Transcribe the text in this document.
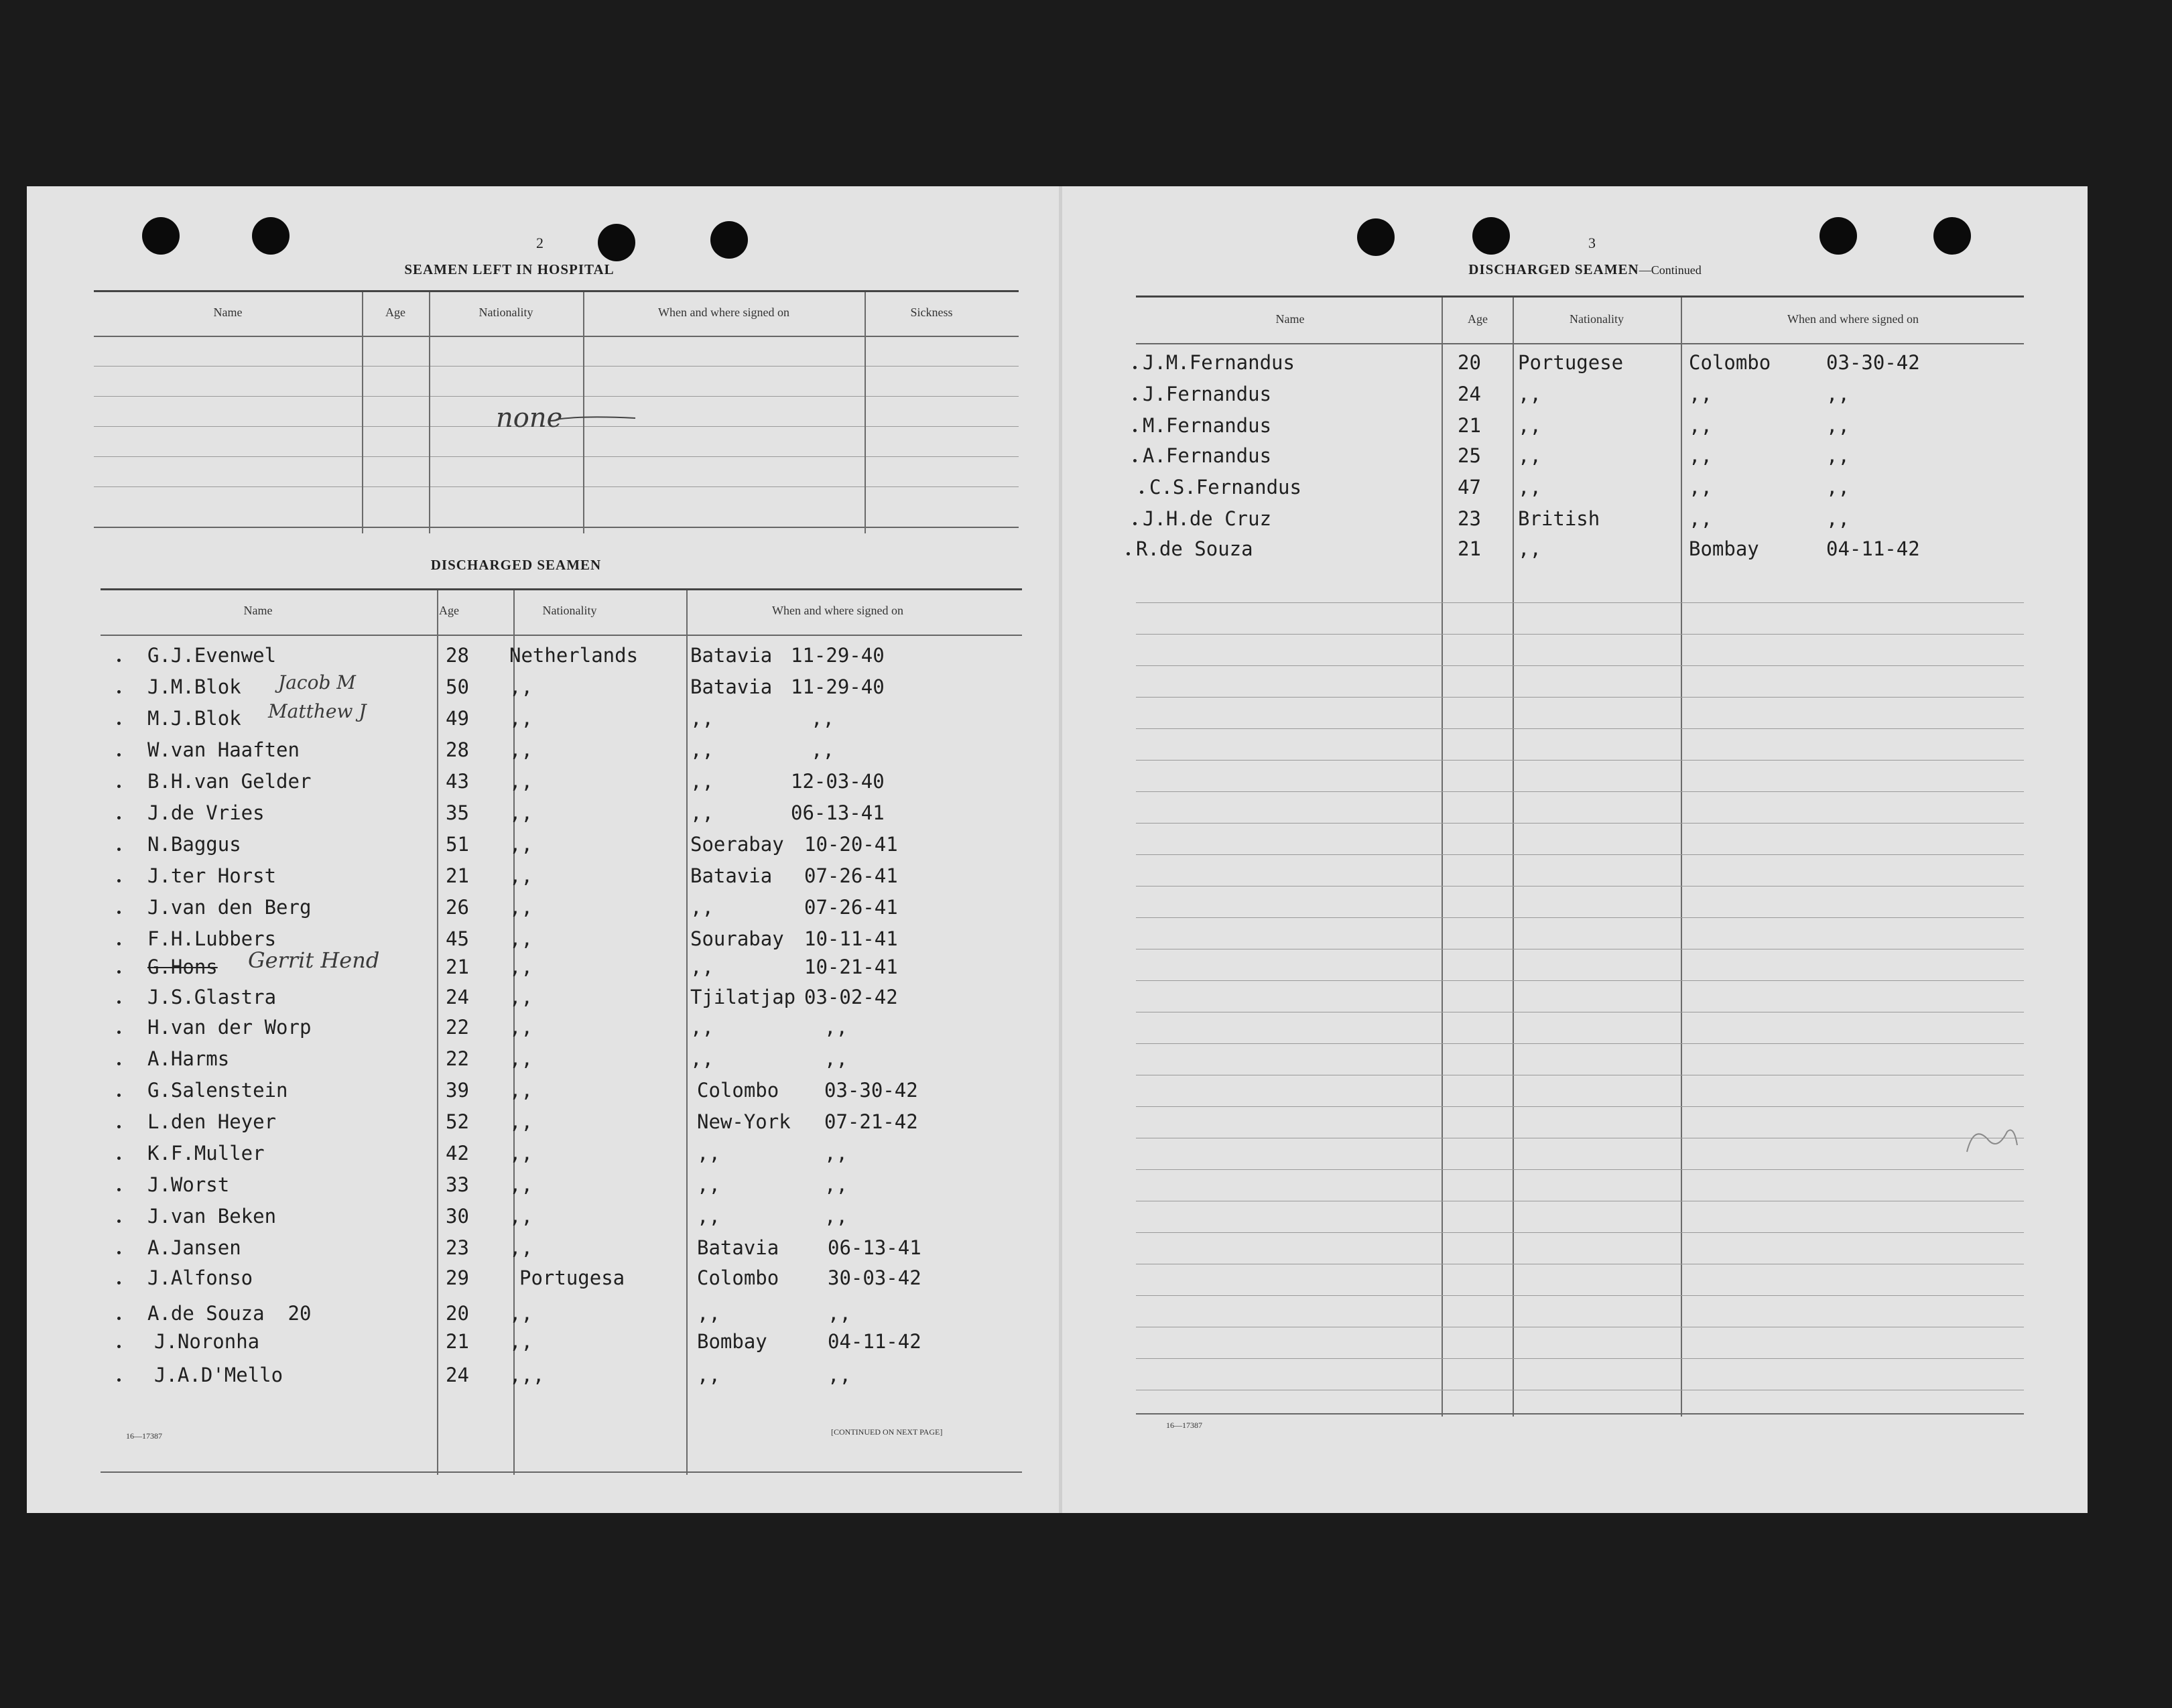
2
SEAMEN LEFT IN HOSPITAL
Name	Age	Nationality	When and where signed on	Sickness
none
DISCHARGED SEAMEN
Name	Age	Nationality	When and where signed on
G.J.Evenwel	28 Netherlands	Batavia 11-29-40
J.M.Blok	50 ,,	Batavia 11-29-40
Jacob M
M.J.Blok	49 ,,	,,	,,
Matthew J
W.van Haaften	28 ,,	,,	,,
B.H.van Gelder	43 ,,	,,	12-03-40
J.de Vries	35 ,,	,,	06-13-41
N.Baggus	51 ,,	Soerabay 10-20-41
J.ter Horst	21 ,,	Batavia 07-26-41
J.van den Berg	26 ,,	,,	07-26-41
F.H.Lubbers	45 ,,	Sourabay 10-11-41
G.Hons	21 ,,	,,	10-21-41
Gerrit Hend
J.S.Glastra	24 ,,	Tjilatjap 03-02-42
H.van der Worp	22 ,,	,,	,,
A.Harms	22 ,,	,,	,,
G.Salenstein	39 ,,	Colombo 03-30-42
L.den Heyer	52 ,,	New-York 07-21-42
K.F.Muller	42 ,,	,,	,,
J.Worst	33 ,,	,,	,,
J.van Beken	30 ,,	,,	,,
A.Jansen	23 ,,	Batavia	06-13-41
J.Alfonso	29	Portugesa	Colombo	30-03-42
A.de Souza  20	20 ,,	,,	,,
J.Noronha	21 ,,	Bombay	04-11-42
J.A.D'Mello	24 ,,,	,,	,,
16—17387	[CONTINUED ON NEXT PAGE]
3
DISCHARGED SEAMEN—Continued
Name	Age	Nationality	When and where signed on
J.M.Fernandus	20 Portugese	Colombo	03-30-42
J.Fernandus	24 ,,	,,	,,
M.Fernandus	21 ,,	,,	,,
A.Fernandus	25 ,,	,,	,,
C.S.Fernandus	47 ,,	,,	,,
J.H.de Cruz	23 British	,,	,,
R.de Souza	21 ,,	Bombay	04-11-42
16—17387
